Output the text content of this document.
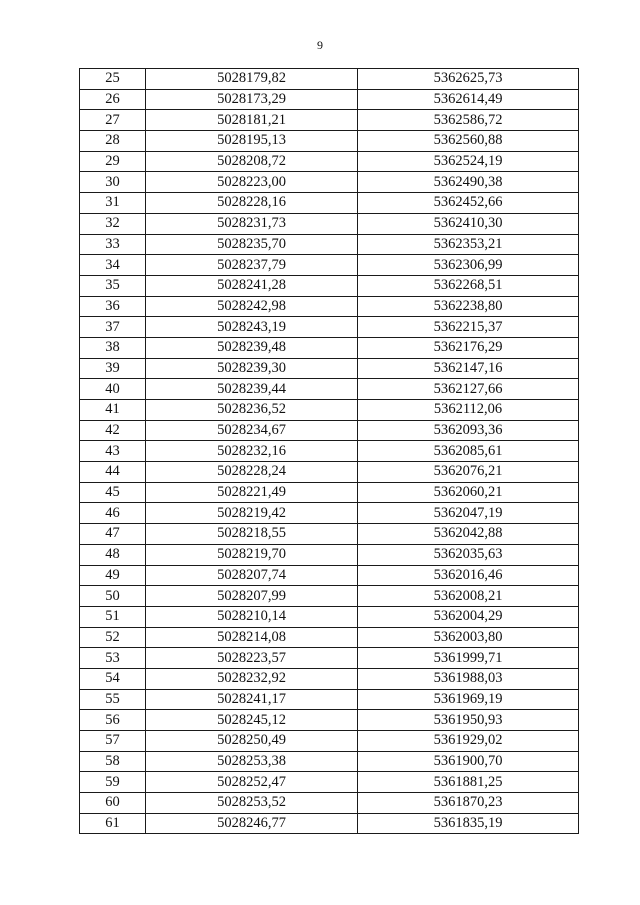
9
25	5028179,82	5362625,73
26	5028173,29	5362614,49
27	5028181,21	5362586,72
28	5028195,13	5362560,88
29	5028208,72	5362524,19
30	5028223,00	5362490,38
31	5028228,16	5362452,66
32	5028231,73	5362410,30
33	5028235,70	5362353,21
34	5028237,79	5362306,99
35	5028241,28	5362268,51
36	5028242,98	5362238,80
37	5028243,19	5362215,37
38	5028239,48	5362176,29
39	5028239,30	5362147,16
40	5028239,44	5362127,66
41	5028236,52	5362112,06
42	5028234,67	5362093,36
43	5028232,16	5362085,61
44	5028228,24	5362076,21
45	5028221,49	5362060,21
46	5028219,42	5362047,19
47	5028218,55	5362042,88
48	5028219,70	5362035,63
49	5028207,74	5362016,46
50	5028207,99	5362008,21
51	5028210,14	5362004,29
52	5028214,08	5362003,80
53	5028223,57	5361999,71
54	5028232,92	5361988,03
55	5028241,17	5361969,19
56	5028245,12	5361950,93
57	5028250,49	5361929,02
58	5028253,38	5361900,70
59	5028252,47	5361881,25
60	5028253,52	5361870,23
61	5028246,77	5361835,19
